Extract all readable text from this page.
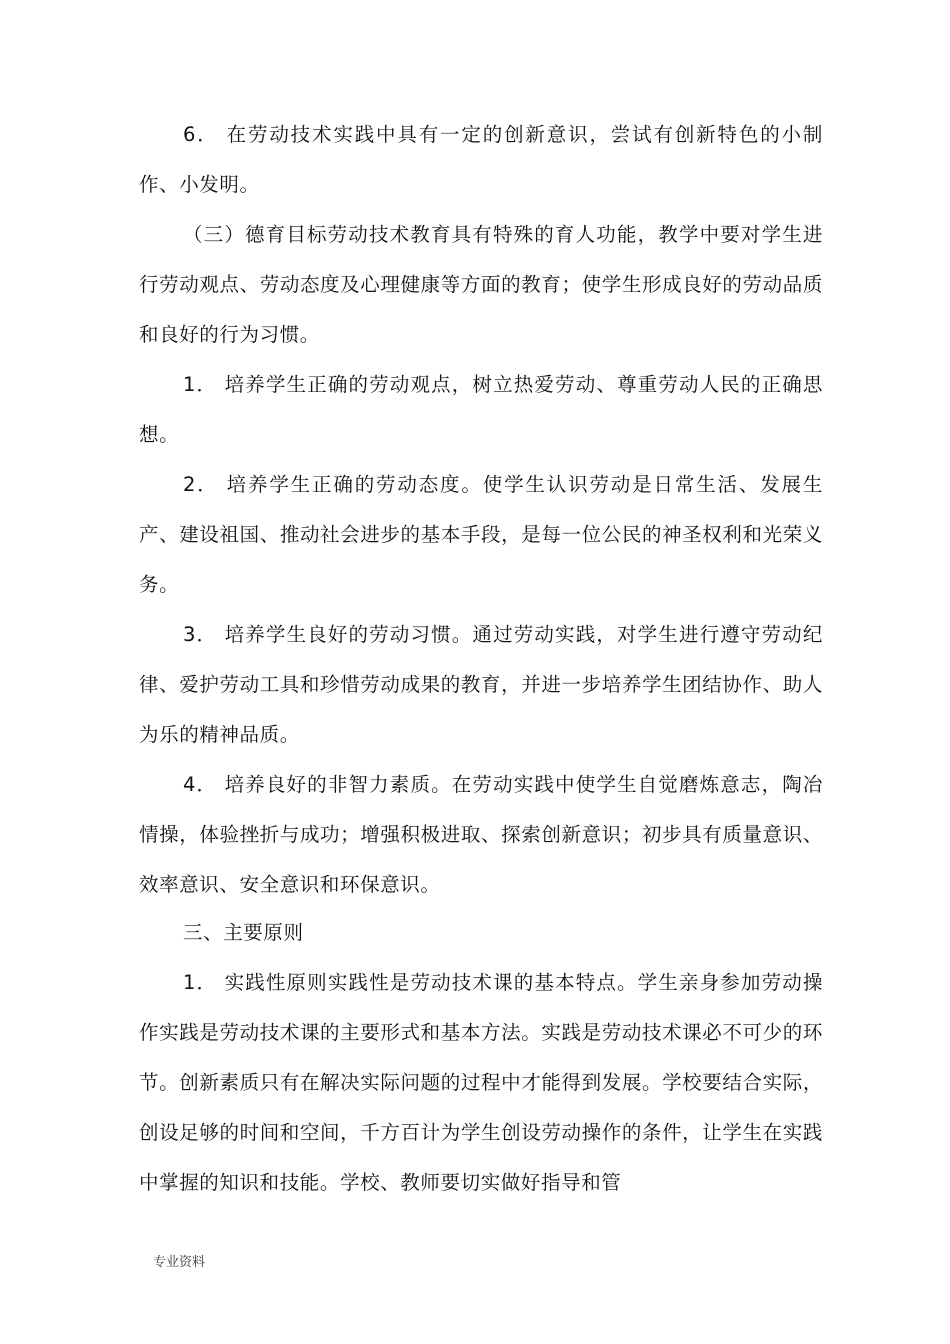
6． 在劳动技术实践中具有一定的创新意识，尝试有创新特色的小制作、小发明。

（三）德育目标劳动技术教育具有特殊的育人功能，教学中要对学生进行劳动观点、劳动态度及心理健康等方面的教育；使学生形成良好的劳动品质和良好的行为习惯。

1． 培养学生正确的劳动观点，树立热爱劳动、尊重劳动人民的正确思想。

2． 培养学生正确的劳动态度。使学生认识劳动是日常生活、发展生产、建设祖国、推动社会进步的基本手段，是每一位公民的神圣权利和光荣义务。

3． 培养学生良好的劳动习惯。通过劳动实践，对学生进行遵守劳动纪律、爱护劳动工具和珍惜劳动成果的教育，并进一步培养学生团结协作、助人为乐的精神品质。

4． 培养良好的非智力素质。在劳动实践中使学生自觉磨炼意志，陶冶情操，体验挫折与成功；增强积极进取、探索创新意识；初步具有质量意识、效率意识、安全意识和环保意识。

三、主要原则

1． 实践性原则实践性是劳动技术课的基本特点。学生亲身参加劳动操作实践是劳动技术课的主要形式和基本方法。实践是劳动技术课必不可少的环节。创新素质只有在解决实际问题的过程中才能得到发展。学校要结合实际，创设足够的时间和空间，千方百计为学生创设劳动操作的条件，让学生在实践中掌握的知识和技能。学校、教师要切实做好指导和管

专业资料
